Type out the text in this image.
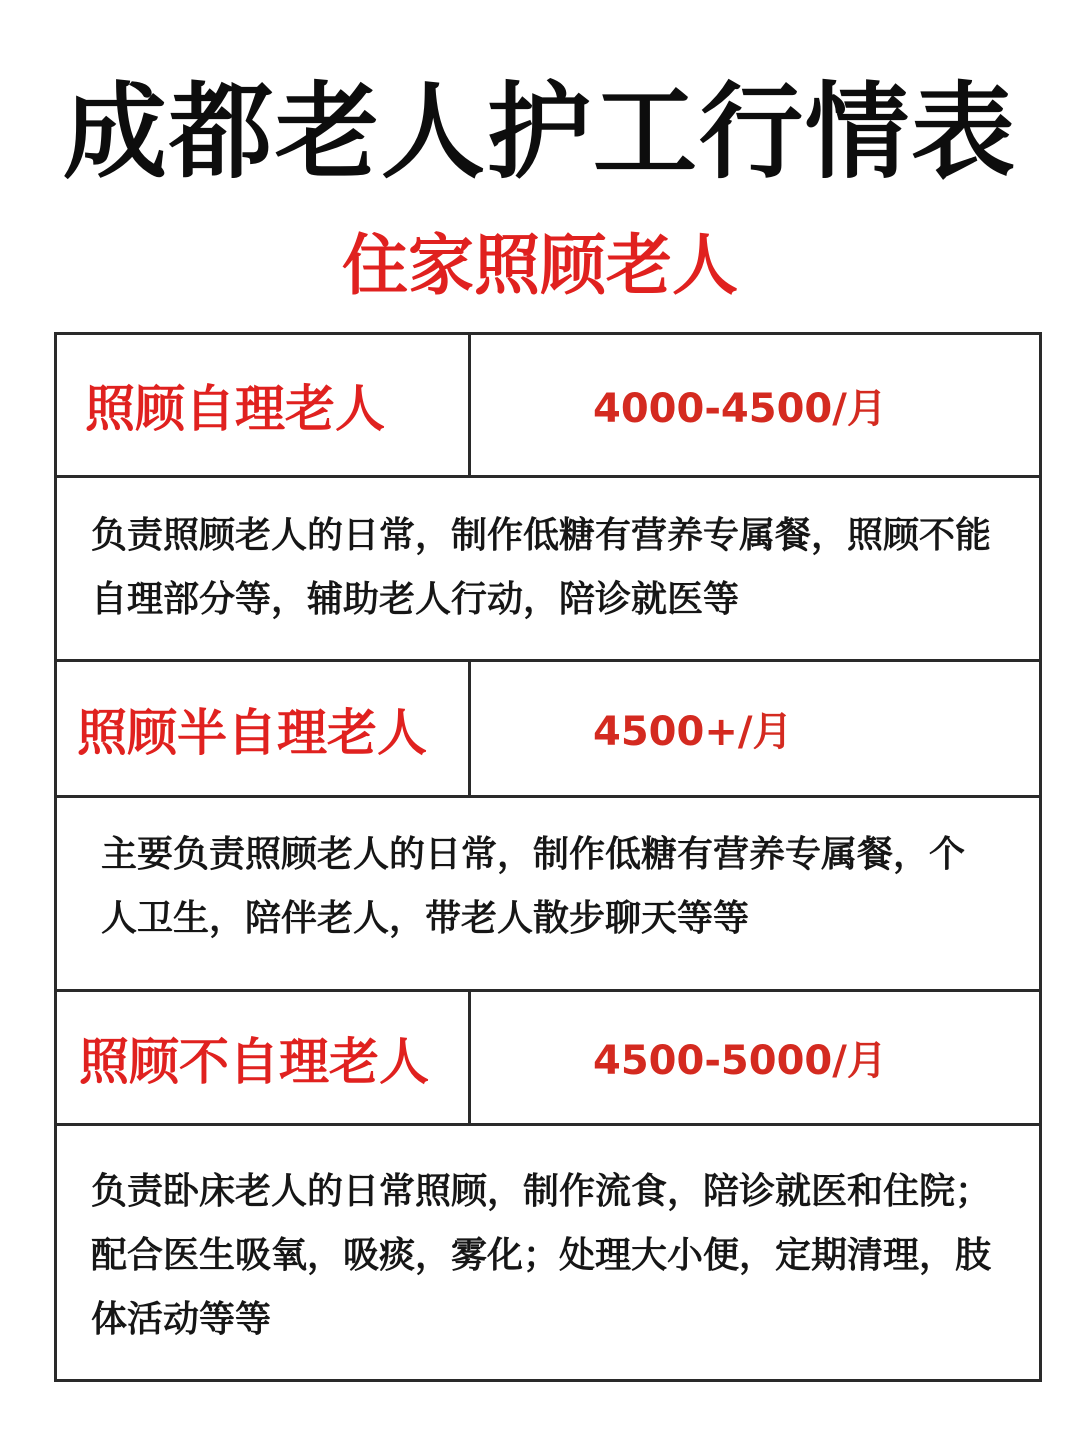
成都老人护工行情表
住家照顾老人
照顾自理老人	4000-4500/月
负责照顾老人的日常，制作低糖有营养专属餐，照顾不能自理部分等，辅助老人行动，陪诊就医等
照顾半自理老人	4500+/月
主要负责照顾老人的日常，制作低糖有营养专属餐，个人卫生，陪伴老人，带老人散步聊天等等
照顾不自理老人	4500-5000/月
负责卧床老人的日常照顾，制作流食，陪诊就医和住院；配合医生吸氧，吸痰，雾化；处理大小便，定期清理，肢体活动等等
